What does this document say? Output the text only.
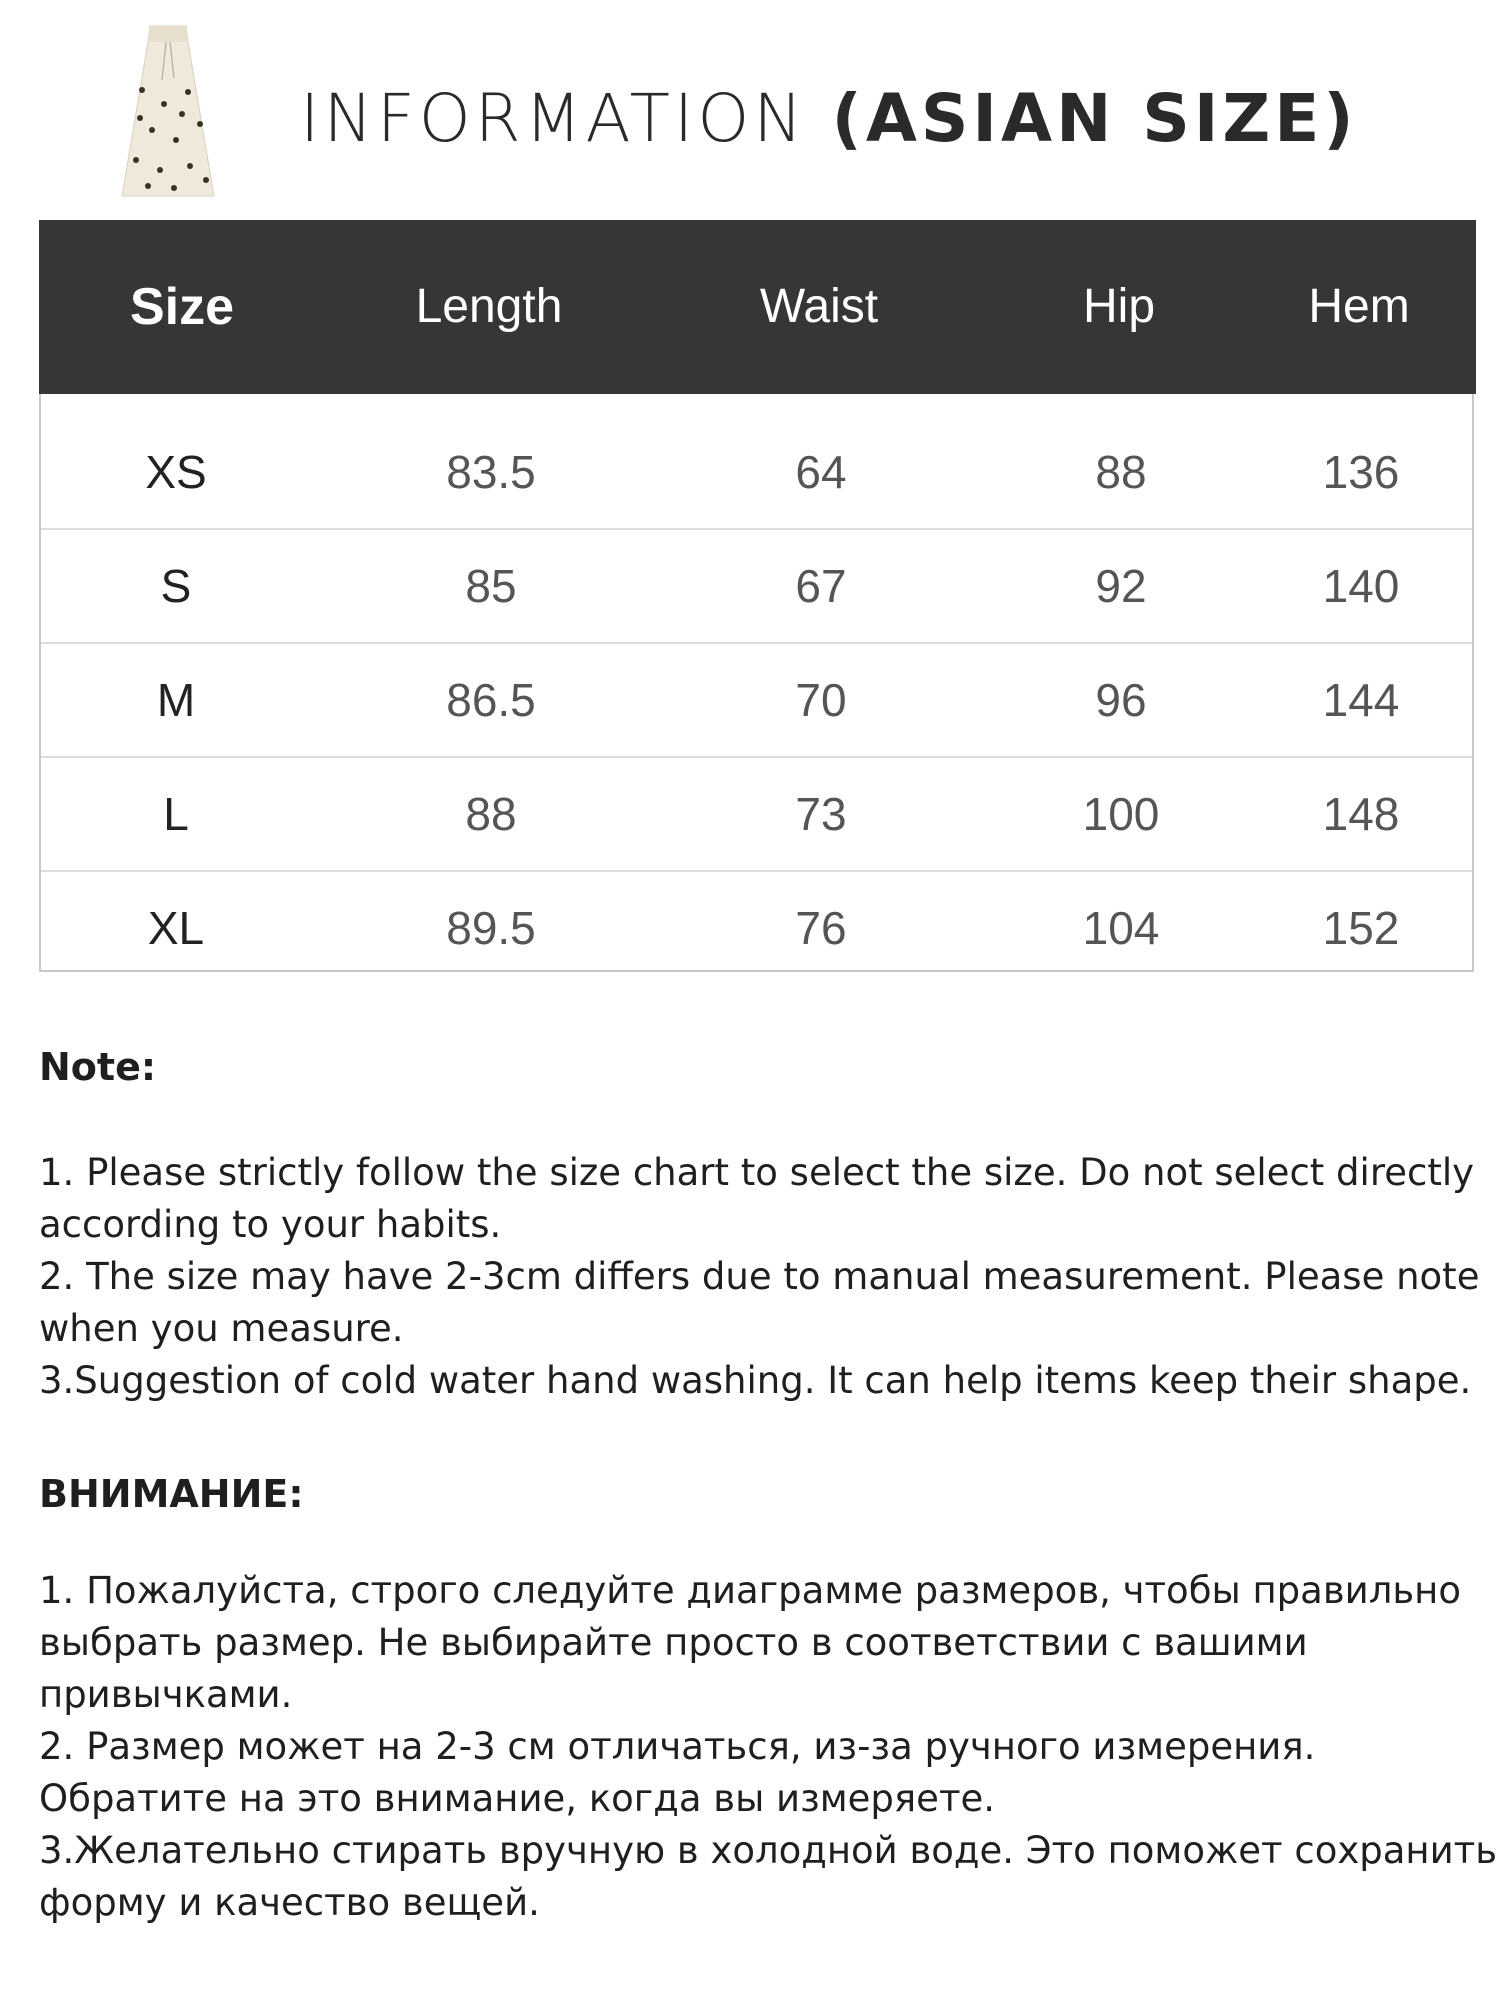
INFORMATION (ASIAN SIZE)
Size	Length	Waist	Hip	Hem
XS	83.5	64	88	136
S	85	67	92	140
M	86.5	70	96	144
L	88	73	100	148
XL	89.5	76	104	152
Note:
1. Please strictly follow the size chart to select the size. Do not select directly
according to your habits.
2. The size may have 2-3cm differs due to manual measurement. Please note
when you measure.
3.Suggestion of cold water hand washing. It can help items keep their shape.
ВНИМАНИЕ:
1. Пожалуйста, строго следуйте диаграмме размеров, чтобы правильно
выбрать размер. Не выбирайте просто в соответствии с вашими
привычками.
2. Размер может на 2-3 см отличаться, из-за ручного измерения.
Обратите на это внимание, когда вы измеряете.
3.Желательно стирать вручную в холодной воде. Это поможет сохранить
форму и качество вещей.
